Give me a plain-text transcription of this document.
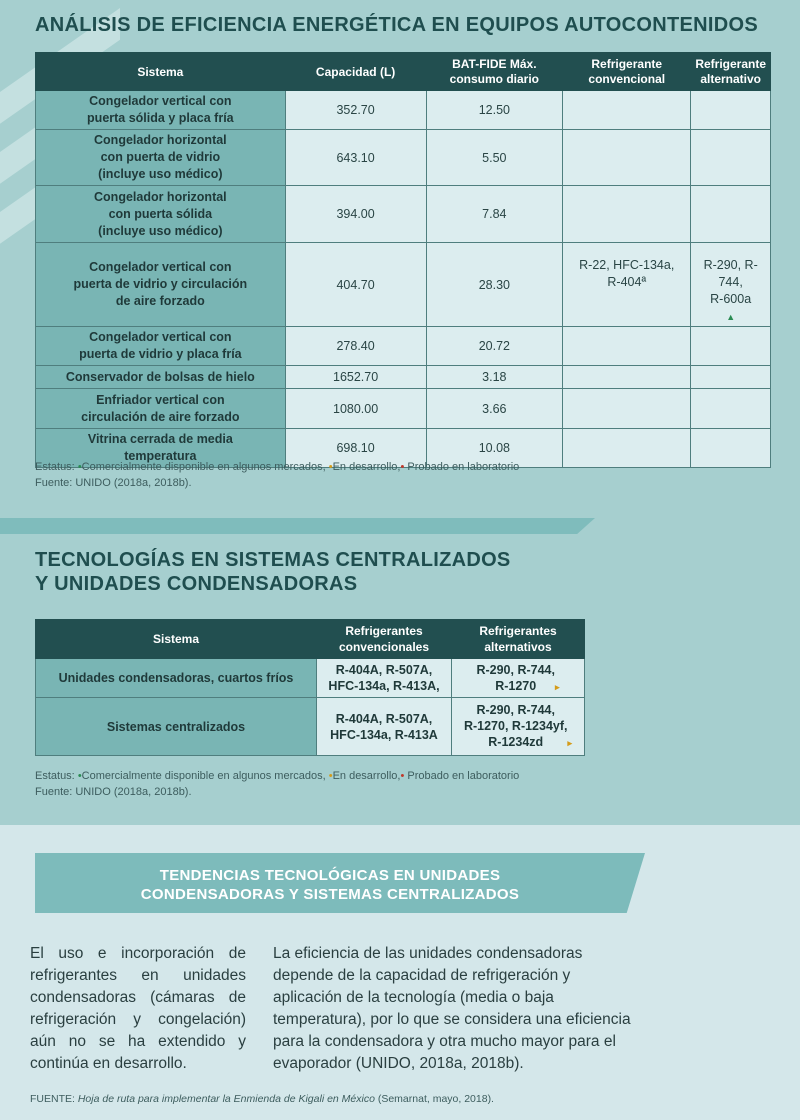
ANÁLISIS DE EFICIENCIA ENERGÉTICA EN EQUIPOS AUTOCONTENIDOS
Sistema	Capacidad (L)	BAT-FIDE Máx.
consumo diario	Refrigerante
convencional	Refrigerante
alternativo
Congelador vertical con
puerta sólida y placa fría	352.70	12.50		
Congelador horizontal
con puerta de vidrio
(incluye uso médico)	643.10	5.50		
Congelador horizontal
con puerta sólida
(incluye uso médico)	394.00	7.84		
Congelador vertical con
puerta de vidrio y circulación
de aire forzado	404.70	28.30	R-22, HFC-134a,
R-404ª	R-290, R-744,
R-600a▲
Congelador vertical con
puerta de vidrio y placa fría	278.40	20.72		
Conservador de bolsas de hielo	1652.70	3.18		
Enfriador vertical con
circulación de aire forzado	1080.00	3.66		
Vitrina cerrada de media
temperatura	698.10	10.08		
Estatus: •Comercialmente disponible en algunos mercados, •En desarrollo,• Probado en laboratorio
Fuente: UNIDO (2018a, 2018b).
TECNOLOGÍAS EN SISTEMAS CENTRALIZADOS
Y UNIDADES CONDENSADORAS
Sistema	Refrigerantes
convencionales	Refrigerantes
alternativos
Unidades condensadoras, cuartos fríos	R-404A, R-507A,
HFC-134a, R-413A,	R-290, R-744,
R-1270 ▸
Sistemas centralizados	R-404A, R-507A,
HFC-134a, R-413A	R-290, R-744,
R-1270, R-1234yf,
R-1234zd ▸
Estatus: •Comercialmente disponible en algunos mercados, •En desarrollo,• Probado en laboratorio
Fuente: UNIDO (2018a, 2018b).
TENDENCIAS TECNOLÓGICAS EN UNIDADES
CONDENSADORAS Y SISTEMAS CENTRALIZADOS
El uso e incorporación de refrigerantes en unidades condensadoras (cámaras de refrigeración y congelación) aún no se ha extendido y continúa en desarrollo.
La eficiencia de las unidades condensadoras depende de la capacidad de refrigeración y aplicación de la tecnología (media o baja temperatura), por lo que se considera una eficiencia para la condensadora y otra mucho mayor para el evaporador (UNIDO, 2018a, 2018b).
FUENTE: Hoja de ruta para implementar la Enmienda de Kigali en México (Semarnat, mayo, 2018).
